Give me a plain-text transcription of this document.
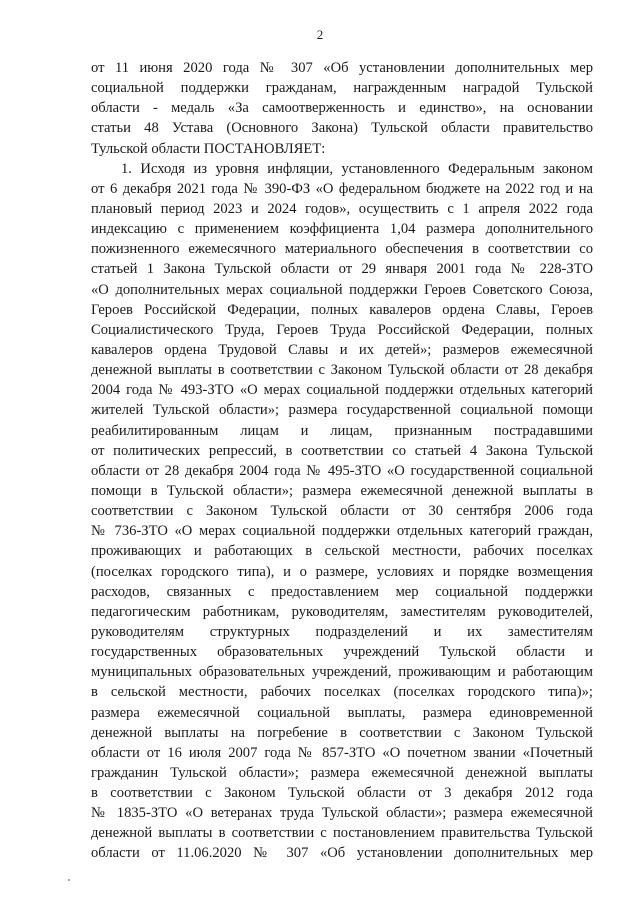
2
от 11 июня 2020 года № 307 «Об установлении дополнительных мер
социальной поддержки гражданам, награжденным наградой Тульской
области - медаль «За самоотверженность и единство», на основании
статьи 48 Устава (Основного Закона) Тульской области правительство
Тульской области ПОСТАНОВЛЯЕТ:
1. Исходя из уровня инфляции, установленного Федеральным законом
от 6 декабря 2021 года № 390-ФЗ «О федеральном бюджете на 2022 год и на
плановый период 2023 и 2024 годов», осуществить с 1 апреля 2022 года
индексацию с применением коэффициента 1,04 размера дополнительного
пожизненного ежемесячного материального обеспечения в соответствии со
статьей 1 Закона Тульской области от 29 января 2001 года № 228-ЗТО
«О дополнительных мерах социальной поддержки Героев Советского Союза,
Героев Российской Федерации, полных кавалеров ордена Славы, Героев
Социалистического Труда, Героев Труда Российской Федерации, полных
кавалеров ордена Трудовой Славы и их детей»; размеров ежемесячной
денежной выплаты в соответствии с Законом Тульской области от 28 декабря
2004 года № 493-ЗТО «О мерах социальной поддержки отдельных категорий
жителей Тульской области»; размера государственной социальной помощи
реабилитированным лицам и лицам, признанным пострадавшими
от политических репрессий, в соответствии со статьей 4 Закона Тульской
области от 28 декабря 2004 года № 495-ЗТО «О государственной социальной
помощи в Тульской области»; размера ежемесячной денежной выплаты в
соответствии с Законом Тульской области от 30 сентября 2006 года
№ 736-ЗТО «О мерах социальной поддержки отдельных категорий граждан,
проживающих и работающих в сельской местности, рабочих поселках
(поселках городского типа), и о размере, условиях и порядке возмещения
расходов, связанных с предоставлением мер социальной поддержки
педагогическим работникам, руководителям, заместителям руководителей,
руководителям структурных подразделений и их заместителям
государственных образовательных учреждений Тульской области и
муниципальных образовательных учреждений, проживающим и работающим
в сельской местности, рабочих поселках (поселках городского типа)»;
размера ежемесячной социальной выплаты, размера единовременной
денежной выплаты на погребение в соответствии с Законом Тульской
области от 16 июля 2007 года № 857-ЗТО «О почетном звании «Почетный
гражданин Тульской области»; размера ежемесячной денежной выплаты
в соответствии с Законом Тульской области от 3 декабря 2012 года
№ 1835-ЗТО «О ветеранах труда Тульской области»; размера ежемесячной
денежной выплаты в соответствии с постановлением правительства Тульской
области от 11.06.2020 № 307 «Об установлении дополнительных мер
